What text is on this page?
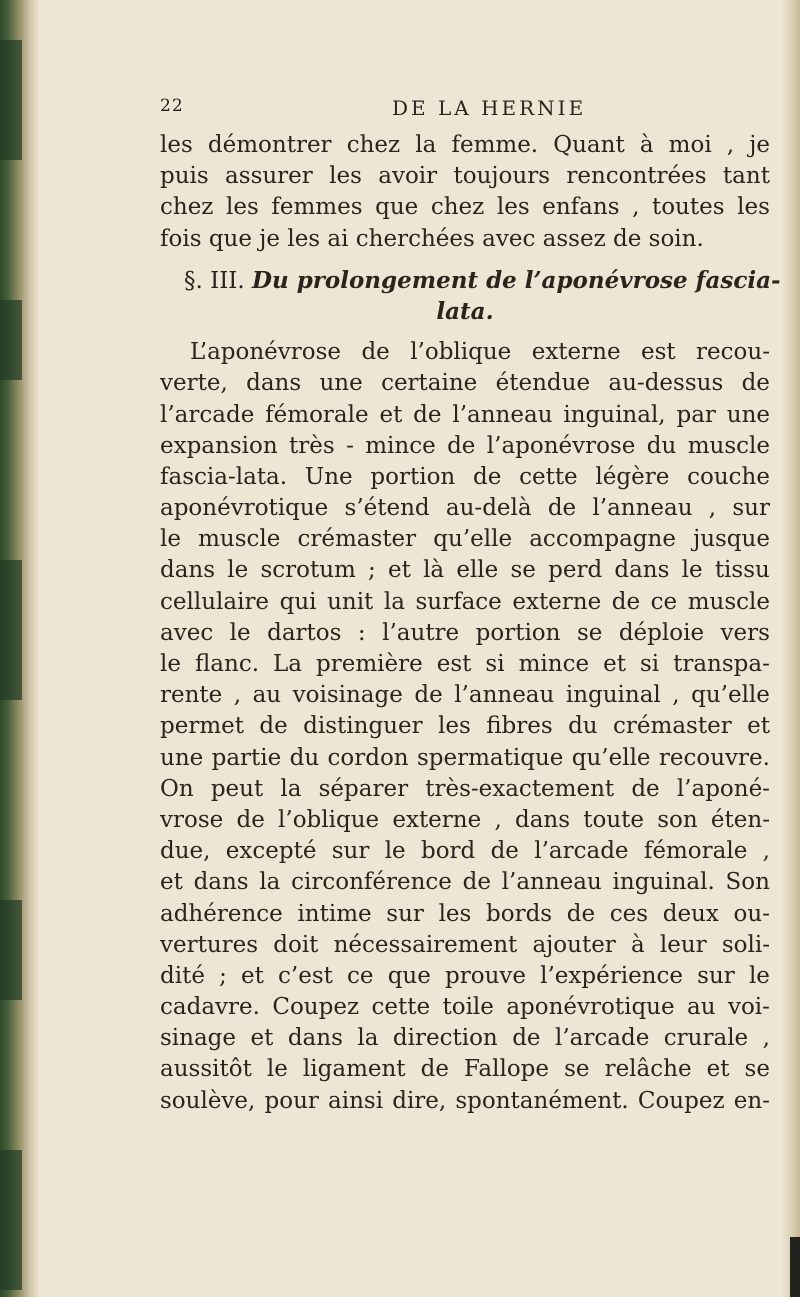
22	DE LA HERNIE
les démontrer chez la femme. Quant à moi , je
puis assurer les avoir toujours rencontrées tant
chez les femmes que chez les enfans , toutes les
fois que je les ai cherchées avec assez de soin.
§. III. Du prolongement de l’aponévrose fascia-
lata.
L’aponévrose de l’oblique externe est recou-
verte, dans une certaine étendue au-dessus de
l’arcade fémorale et de l’anneau inguinal, par une
expansion très - mince de l’aponévrose du muscle
fascia-lata. Une portion de cette légère couche
aponévrotique s’étend au-delà de l’anneau , sur
le muscle crémaster qu’elle accompagne jusque
dans le scrotum ; et là elle se perd dans le tissu
cellulaire qui unit la surface externe de ce muscle
avec le dartos : l’autre portion se déploie vers
le flanc. La première est si mince et si transpa-
rente , au voisinage de l’anneau inguinal , qu’elle
permet de distinguer les fibres du crémaster et
une partie du cordon spermatique qu’elle recouvre.
On peut la séparer très-exactement de l’aponé-
vrose de l’oblique externe , dans toute son éten-
due, excepté sur le bord de l’arcade fémorale ,
et dans la circonférence de l’anneau inguinal. Son
adhérence intime sur les bords de ces deux ou-
vertures doit nécessairement ajouter à leur soli-
dité ; et c’est ce que prouve l’expérience sur le
cadavre. Coupez cette toile aponévrotique au voi-
sinage et dans la direction de l’arcade crurale ,
aussitôt le ligament de Fallope se relâche et se
soulève, pour ainsi dire, spontanément. Coupez en-
